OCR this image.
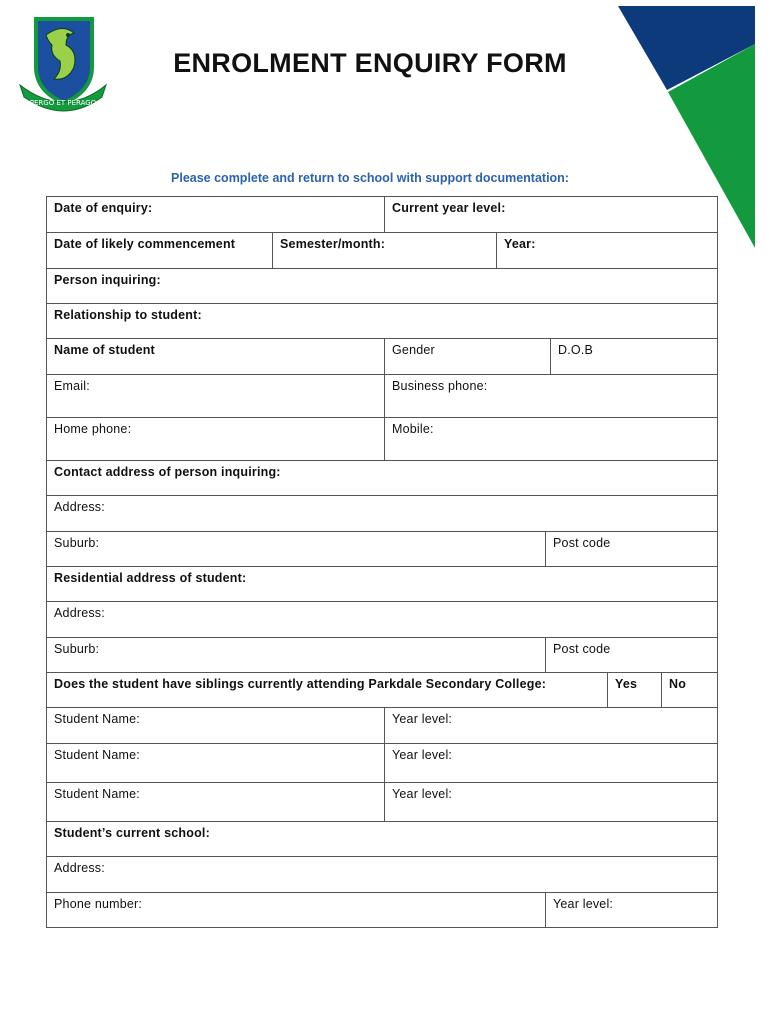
PERGO ET PERAGO
ENROLMENT ENQUIRY FORM
Please complete and return to school with support documentation:
Date of enquiry:	Current year level:
Date of likely commencement	Semester/month:	Year:
Person inquiring:
Relationship to student:
Name of student	Gender	D.O.B
Email:	Business phone:
Home phone:	Mobile:
Contact address of person inquiring:
Address:
Suburb:	Post code
Residential address of student:
Address:
Suburb:	Post code
Does the student have siblings currently attending Parkdale Secondary College:	Yes	No
Student Name:	Year level:
Student Name:	Year level:
Student Name:	Year level:
Student’s current school:
Address:
Phone number:	Year level:
